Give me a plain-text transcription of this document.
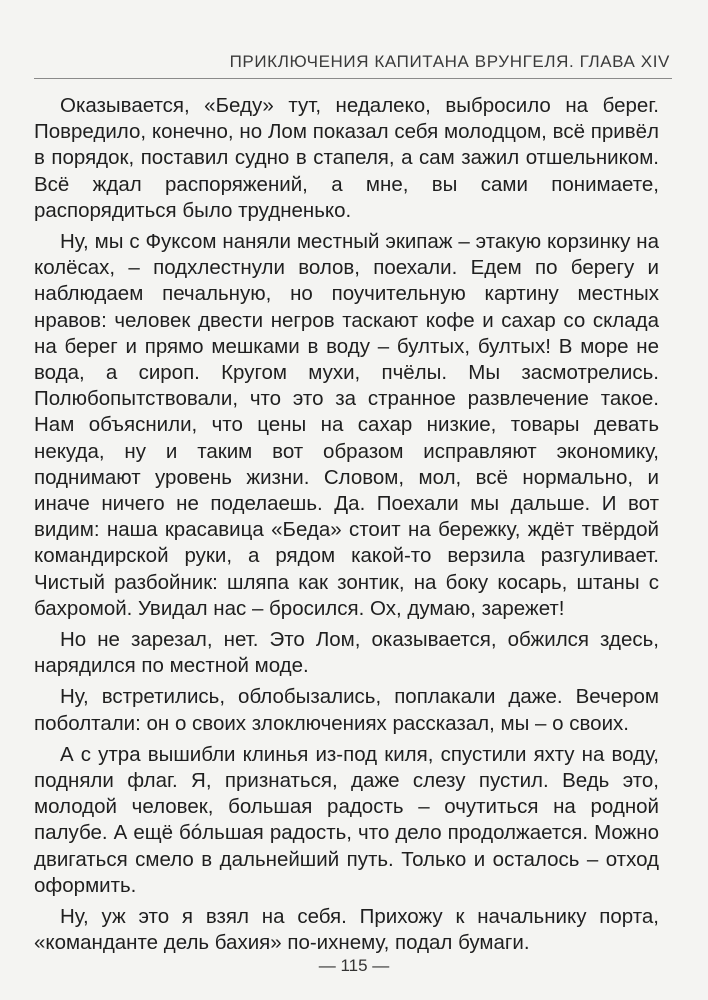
ПРИКЛЮЧЕНИЯ КАПИТАНА ВРУНГЕЛЯ. ГЛАВА XIV

Оказывается, «Беду» тут, недалеко, выбросило на берег. Повредило, конечно, но Лом показал себя молодцом, всё привёл в порядок, поставил судно в стапеля, а сам зажил отшельником. Всё ждал распоряжений, а мне, вы сами понимаете, распорядиться было трудненько.

Ну, мы с Фуксом наняли местный экипаж – этакую корзинку на колёсах, – подхлестнули волов, поехали. Едем по берегу и наблюдаем печальную, но поучительную картину местных нравов: человек двести негров таскают кофе и сахар со склада на берег и прямо мешками в воду – бултых, бултых! В море не вода, а сироп. Кругом мухи, пчёлы. Мы засмотрелись. Полюбопытствовали, что это за странное развлечение такое. Нам объяснили, что цены на сахар низкие, товары девать некуда, ну и таким вот образом исправляют экономику, поднимают уровень жизни. Словом, мол, всё нормально, и иначе ничего не поделаешь. Да. Поехали мы дальше. И вот видим: наша красавица «Беда» стоит на бережку, ждёт твёрдой командирской руки, а рядом какой-то верзила разгуливает. Чистый разбойник: шляпа как зонтик, на боку косарь, штаны с бахромой. Увидал нас – бросился. Ох, думаю, зарежет!

Но не зарезал, нет. Это Лом, оказывается, обжился здесь, нарядился по местной моде.

Ну, встретились, облобызались, поплакали даже. Вечером поболтали: он о своих злоключениях рассказал, мы – о своих.

А с утра вышибли клинья из-под киля, спустили яхту на воду, подняли флаг. Я, признаться, даже слезу пустил. Ведь это, молодой человек, большая радость – очутиться на родной палубе. А ещё бóльшая радость, что дело продолжается. Можно двигаться смело в дальнейший путь. Только и осталось – отход оформить.

Ну, уж это я взял на себя. Прихожу к начальнику порта, «команданте дель бахия» по-ихнему, подал бумаги.

— 115 —
